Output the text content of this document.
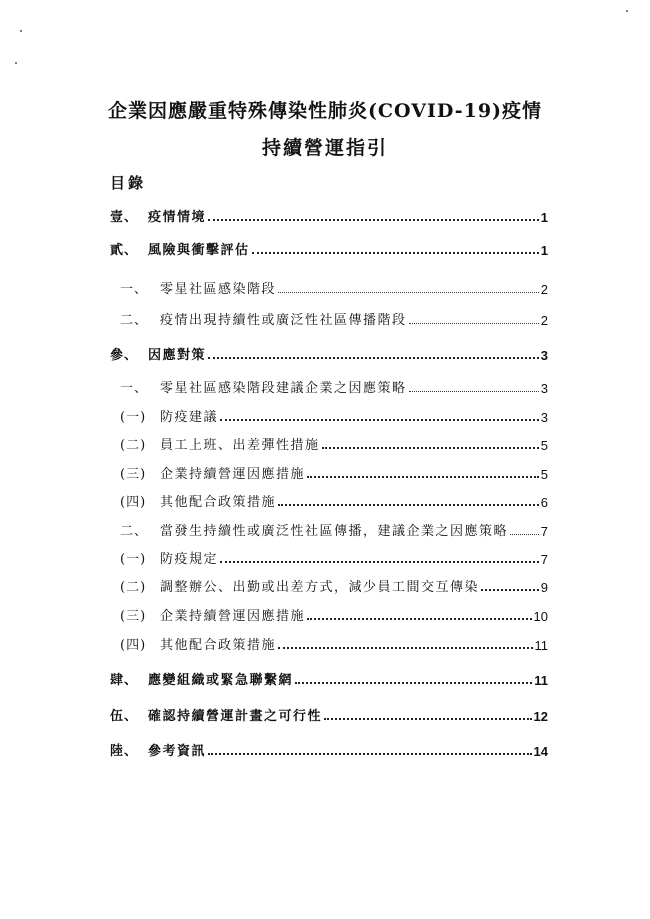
企業因應嚴重特殊傳染性肺炎(COVID-19)疫情
持續營運指引
目錄
壹、 疫情情境	1
貳、 風險與衝擊評估	1
一、 零星社區感染階段	2
二、 疫情出現持續性或廣泛性社區傳播階段	2
參、 因應對策	3
一、 零星社區感染階段建議企業之因應策略	3
(一)	防疫建議	3
(二)	員工上班、出差彈性措施	5
(三)	企業持續營運因應措施	5
(四)	其他配合政策措施	6
二、 當發生持續性或廣泛性社區傳播，建議企業之因應策略	7
(一)	防疫規定	7
(二)	調整辦公、出勤或出差方式，減少員工間交互傳染	9
(三)	企業持續營運因應措施	10
(四)	其他配合政策措施	11
肆、 應變組織或緊急聯繫網	11
伍、 確認持續營運計畫之可行性	12
陸、 參考資訊	14
